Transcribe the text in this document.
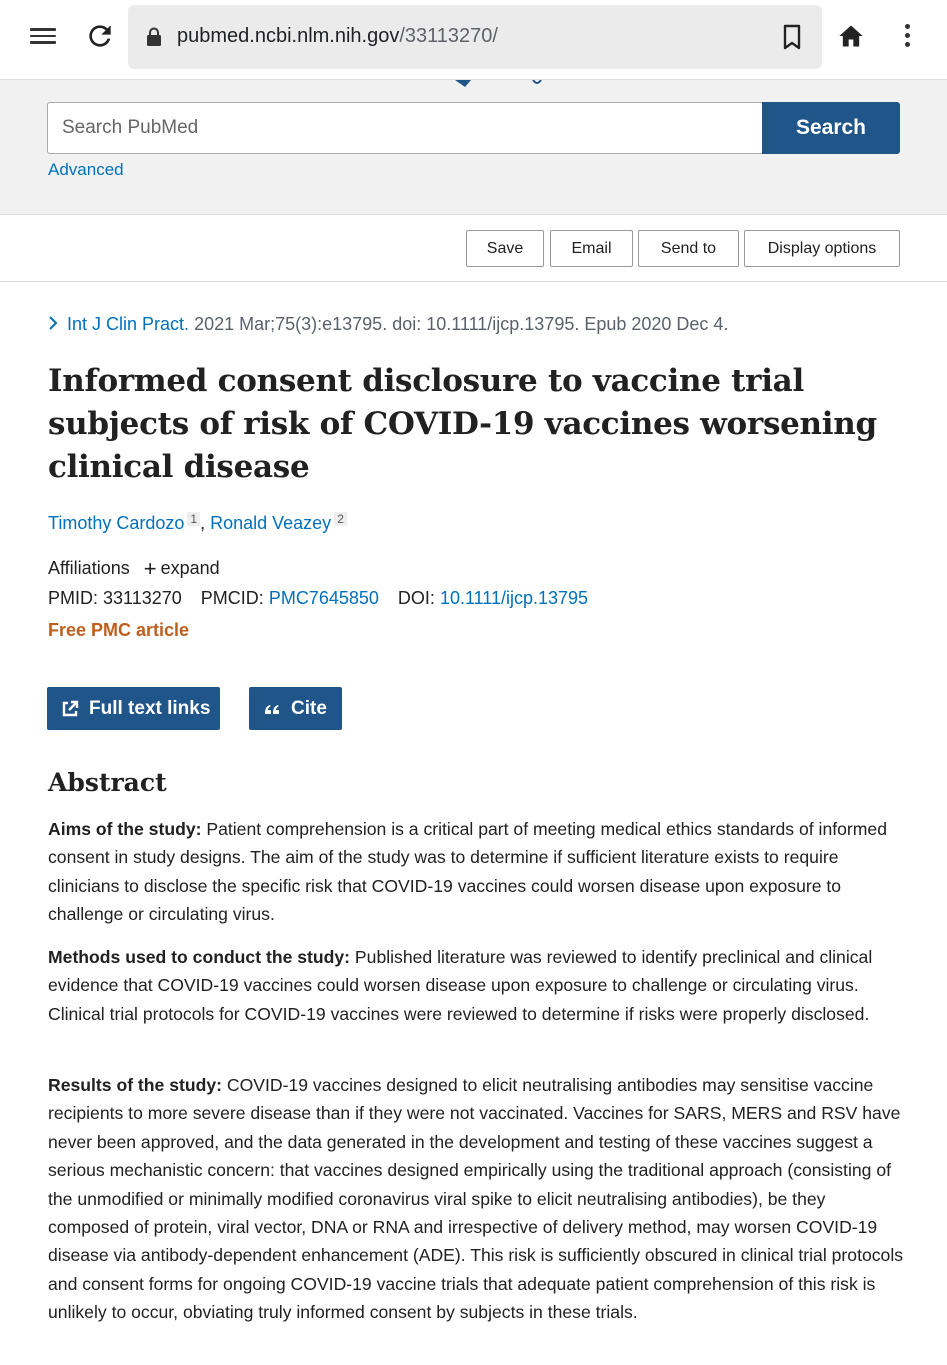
pubmed.ncbi.nlm.nih.gov/33113270/
Search PubMed
Search
Advanced
Save	Email	Send to	Display options
Int J Clin Pract. 2021 Mar;75(3):e13795. doi: 10.1111/ijcp.13795. Epub 2020 Dec 4.
Informed consent disclosure to vaccine trial subjects of risk of COVID-19 vaccines worsening clinical disease
Timothy Cardozo $^1$ , Ronald Veazey $^2$
Affiliations + expand
PMID: 33113270 PMCID: PMC7645850 DOI: 10.1111/ijcp.13795
Free PMC article
Full text links	Cite
Abstract

Aims of the study: Patient comprehension is a critical part of meeting medical ethics standards of informed consent in study designs. The aim of the study was to determine if sufficient literature exists to require clinicians to disclose the specific risk that COVID-19 vaccines could worsen disease upon exposure to challenge or circulating virus.

Methods used to conduct the study: Published literature was reviewed to identify preclinical and clinical evidence that COVID-19 vaccines could worsen disease upon exposure to challenge or circulating virus. Clinical trial protocols for COVID-19 vaccines were reviewed to determine if risks were properly disclosed.

Results of the study: COVID-19 vaccines designed to elicit neutralising antibodies may sensitise vaccine recipients to more severe disease than if they were not vaccinated. Vaccines for SARS, MERS and RSV have never been approved, and the data generated in the development and testing of these vaccines suggest a serious mechanistic concern: that vaccines designed empirically using the traditional approach (consisting of the unmodified or minimally modified coronavirus viral spike to elicit neutralising antibodies), be they composed of protein, viral vector, DNA or RNA and irrespective of delivery method, may worsen COVID-19 disease via antibody-dependent enhancement (ADE). This risk is sufficiently obscured in clinical trial protocols and consent forms for ongoing COVID-19 vaccine trials that adequate patient comprehension of this risk is unlikely to occur, obviating truly informed consent by subjects in these trials.
